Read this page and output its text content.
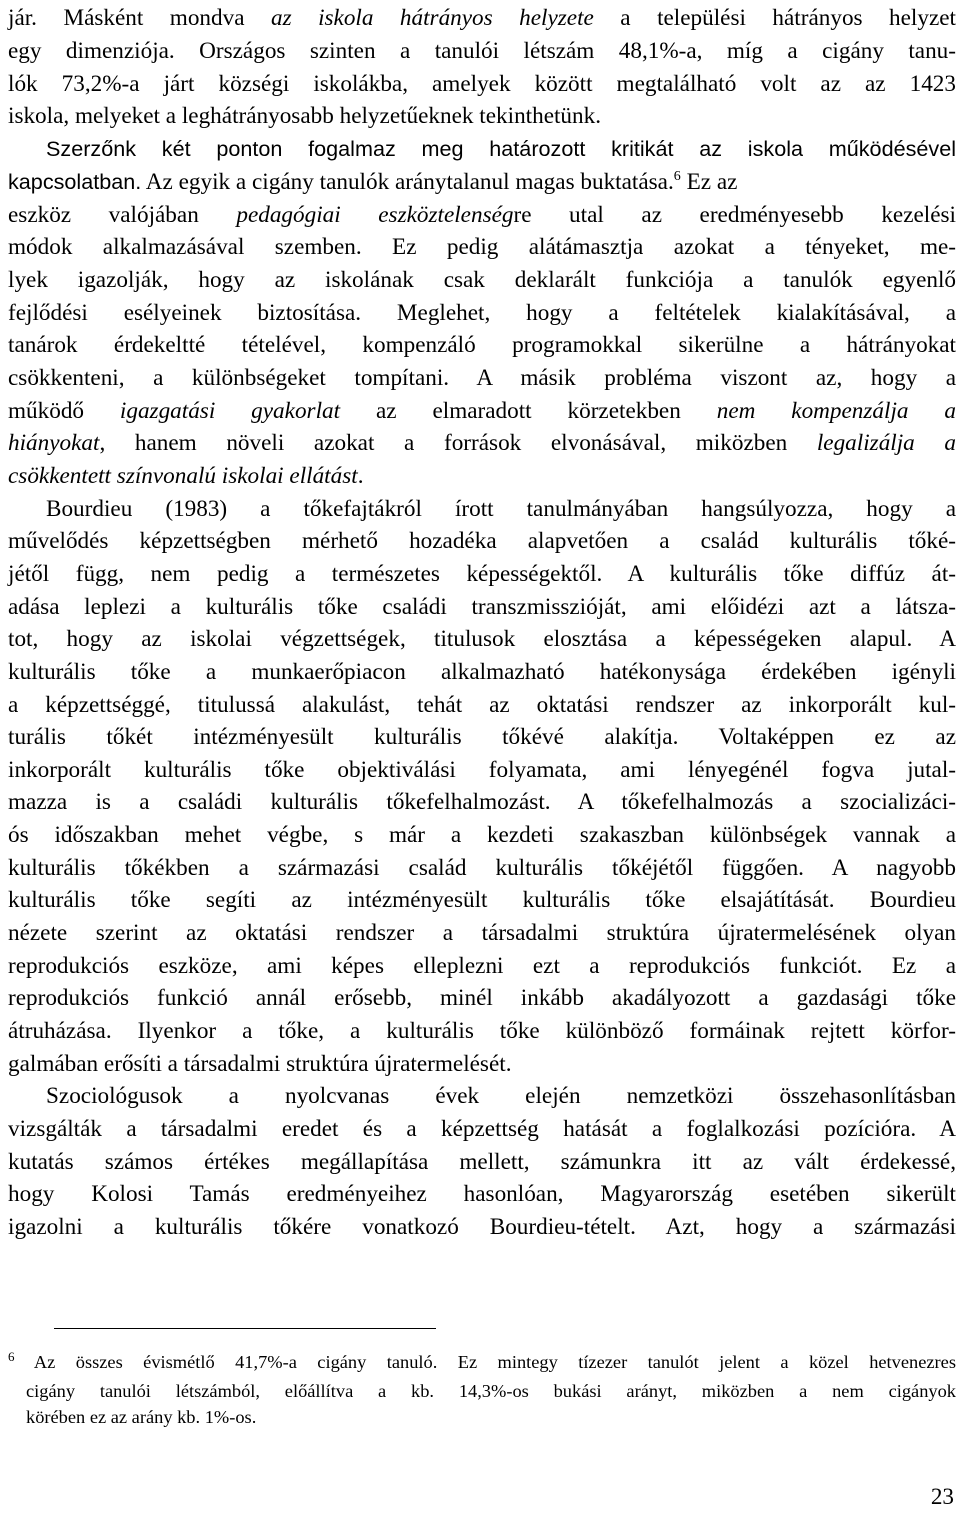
jár. Másként mondva az iskola hátrányos helyzete a települési hátrányos helyzet
egy dimenziója. Országos szinten a tanulói létszám 48,1%-a, míg a cigány tanu-
lók 73,2%-a járt községi iskolákba, amelyek között megtalálható volt az az 1423
iskola, melyeket a leghátrányosabb helyzetűeknek tekinthetünk.
Szerzőnk két ponton fogalmaz meg határozott kritikát az iskola működésével
kapcsolatban. Az egyik a cigány tanulók aránytalanul magas buktatása.$^6$ Ez az
eszköz valójában pedagógiai eszköztelenségre utal az eredményesebb kezelési
módok alkalmazásával szemben. Ez pedig alátámasztja azokat a tényeket, me-
lyek igazolják, hogy az iskolának csak deklarált funkciója a tanulók egyenlő
fejlődési esélyeinek biztosítása. Meglehet, hogy a feltételek kialakításával, a
tanárok érdekeltté tételével, kompenzáló programokkal sikerülne a hátrányokat
csökkenteni, a különbségeket tompítani. A másik probléma viszont az, hogy a
működő igazgatási gyakorlat az elmaradott körzetekben nem kompenzálja a
hiányokat, hanem növeli azokat a források elvonásával, miközben legalizálja a
csökkentett színvonalú iskolai ellátást.
Bourdieu (1983) a tőkefajtákról írott tanulmányában hangsúlyozza, hogy a
művelődés képzettségben mérhető hozadéka alapvetően a család kulturális tőké-
jétől függ, nem pedig a természetes képességektől. A kulturális tőke diffúz át-
adása leplezi a kulturális tőke családi transzmisszióját, ami előidézi azt a látsza-
tot, hogy az iskolai végzettségek, titulusok elosztása a képességeken alapul. A
kulturális tőke a munkaerőpiacon alkalmazható hatékonysága érdekében igényli
a képzettséggé, titulussá alakulást, tehát az oktatási rendszer az inkorporált kul-
turális tőkét intézményesült kulturális tőkévé alakítja. Voltaképpen ez az
inkorporált kulturális tőke objektiválási folyamata, ami lényegénél fogva jutal-
mazza is a családi kulturális tőkefelhalmozást. A tőkefelhalmozás a szocializáci-
ós időszakban mehet végbe, s már a kezdeti szakaszban különbségek vannak a
kulturális tőkékben a származási család kulturális tőkéjétől függően. A nagyobb
kulturális tőke segíti az intézményesült kulturális tőke elsajátítását. Bourdieu
nézete szerint az oktatási rendszer a társadalmi struktúra újratermelésének olyan
reprodukciós eszköze, ami képes elleplezni ezt a reprodukciós funkciót. Ez a
reprodukciós funkció annál erősebb, minél inkább akadályozott a gazdasági tőke
átruházása. Ilyenkor a tőke, a kulturális tőke különböző formáinak rejtett körfor-
galmában erősíti a társadalmi struktúra újratermelését.
Szociológusok a nyolcvanas évek elején nemzetközi összehasonlításban
vizsgálták a társadalmi eredet és a képzettség hatását a foglalkozási pozícióra. A
kutatás számos értékes megállapítása mellett, számunkra itt az vált érdekessé,
hogy Kolosi Tamás eredményeihez hasonlóan, Magyarország esetében sikerült
igazolni a kulturális tőkére vonatkozó Bourdieu-tételt. Azt, hogy a származási
$^6$ Az összes évismétlő 41,7%-a cigány tanuló. Ez mintegy tízezer tanulót jelent a közel hetvenezres
cigány tanulói létszámból, előállítva a kb. 14,3%-os bukási arányt, miközben a nem cigányok
körében ez az arány kb. 1%-os.
23
